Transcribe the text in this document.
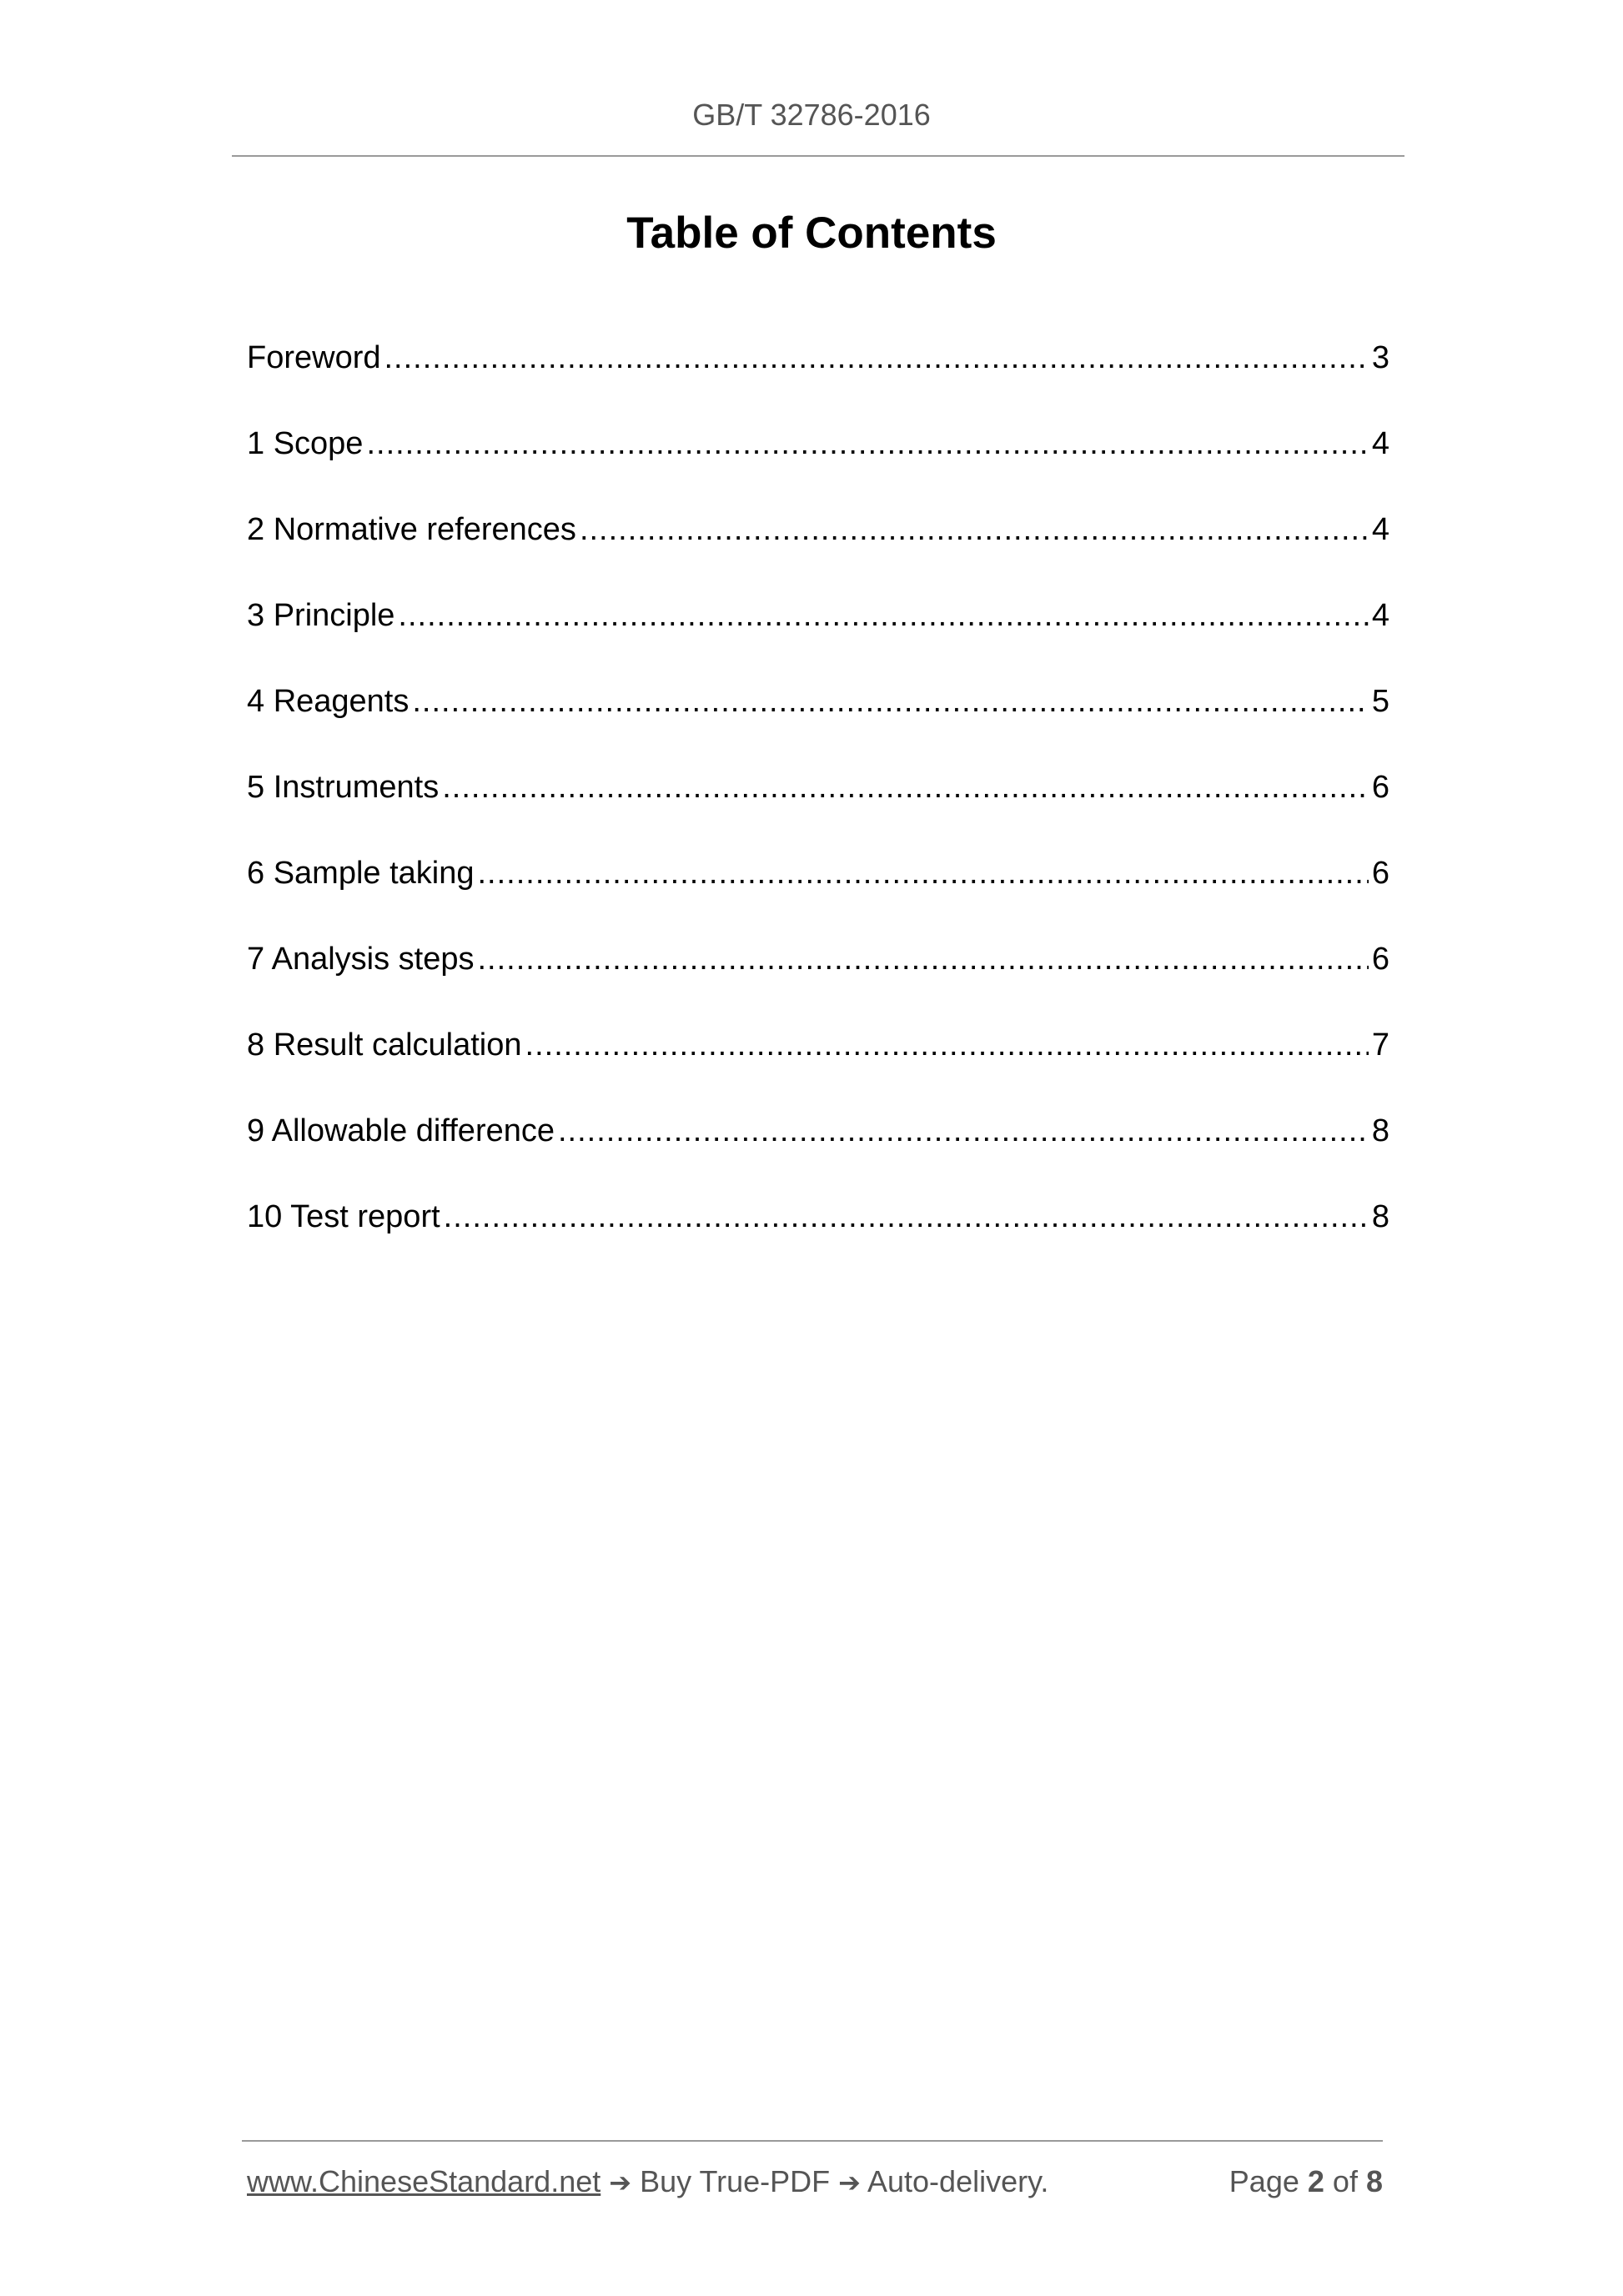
GB/T 32786-2016
Table of Contents
Foreword .....	3
1 Scope .....	4
2 Normative references .....	4
3 Principle .....	4
4 Reagents .....	5
5 Instruments .....	6
6 Sample taking .....	6
7 Analysis steps .....	6
8 Result calculation .....	7
9 Allowable difference .....	8
10 Test report .....	8
www.ChineseStandard.net ➔ Buy True-PDF ➔ Auto-delivery.	Page 2 of 8
